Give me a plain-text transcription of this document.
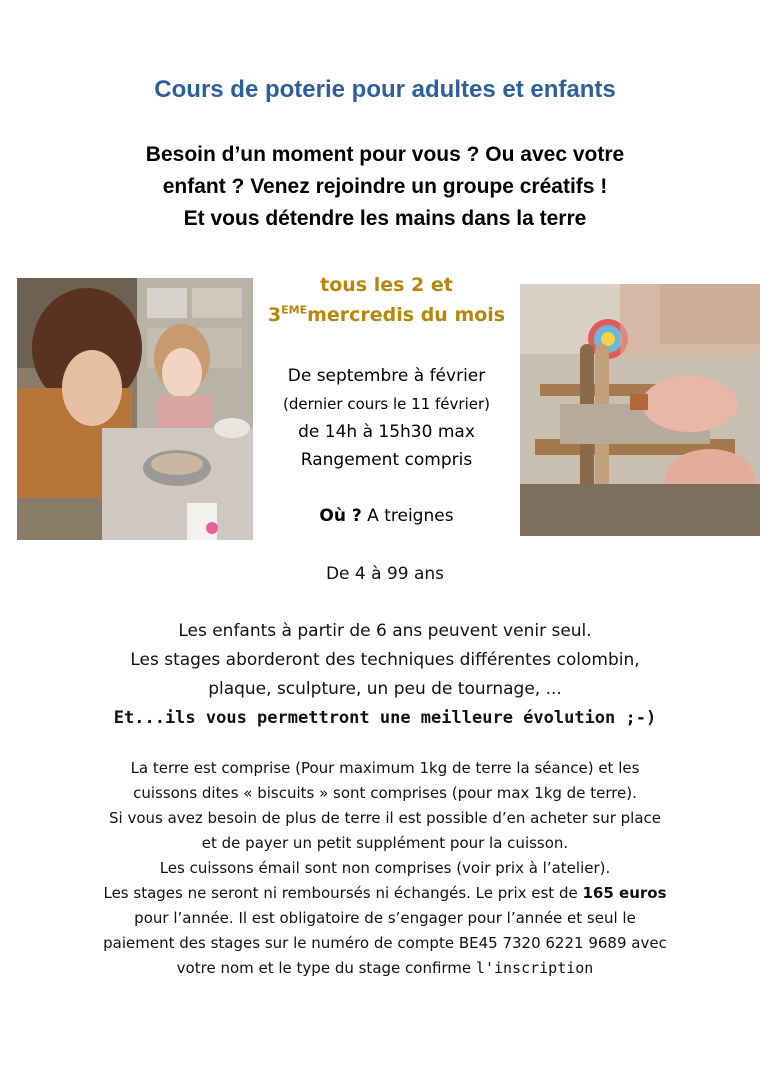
Cours de poterie pour adultes et enfants
Besoin d’un moment pour vous ? Ou avec votre
enfant ? Venez rejoindre un groupe créatifs !
Et vous détendre les mains dans la terre
tous les 2 et
3EMEmercredis du mois
De septembre à février
(dernier cours le 11 février)
de 14h à 15h30 max
Rangement compris
Où ? A treignes
De 4 à 99 ans
Les enfants à partir de 6 ans peuvent venir seul.
Les stages aborderont des techniques différentes colombin,
plaque, sculpture, un peu de tournage, ...
Et...ils vous permettront une meilleure évolution ;-)
La terre est comprise (Pour maximum 1kg de terre la séance) et les
cuissons dites « biscuits » sont comprises (pour max 1kg de terre).
Si vous avez besoin de plus de terre il est possible d’en acheter sur place
et de payer un petit supplément pour la cuisson.
Les cuissons émail sont non comprises (voir prix à l’atelier).
Les stages ne seront ni remboursés ni échangés. Le prix est de 165 euros
pour l’année. Il est obligatoire de s’engager pour l’année et seul le
paiement des stages sur le numéro de compte BE45 7320 6221 9689 avec
votre nom et le type du stage confirme l'inscription
